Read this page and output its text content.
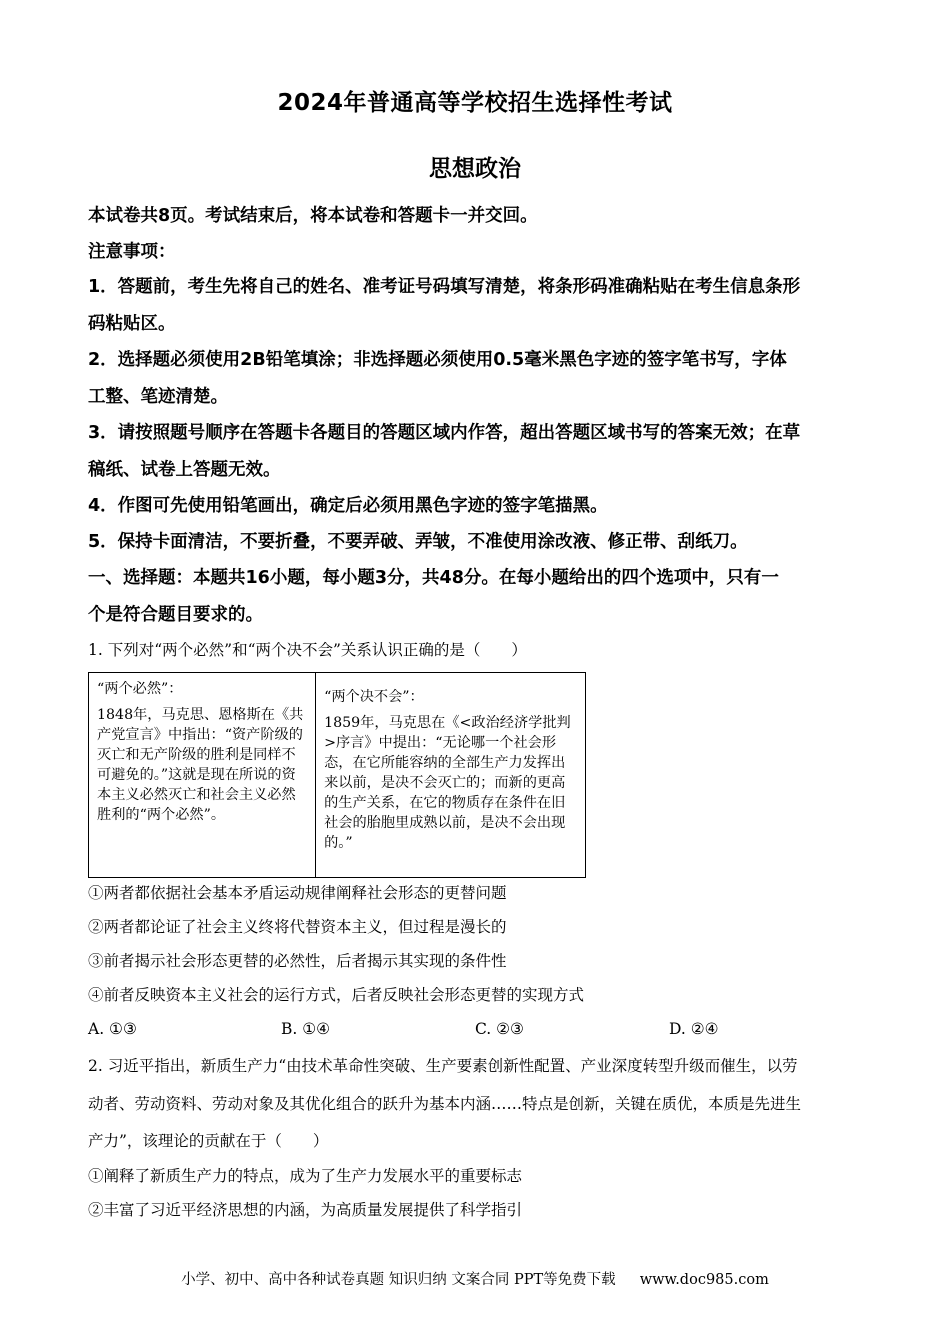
2024年普通高等学校招生选择性考试
思想政治
本试卷共8页。考试结束后，将本试卷和答题卡一并交回。
注意事项：
1．答题前，考生先将自己的姓名、准考证号码填写清楚，将条形码准确粘贴在考生信息条形
码粘贴区。
2．选择题必须使用2B铅笔填涂；非选择题必须使用0.5毫米黑色字迹的签字笔书写，字体
工整、笔迹清楚。
3．请按照题号顺序在答题卡各题目的答题区域内作答，超出答题区域书写的答案无效；在草
稿纸、试卷上答题无效。
4．作图可先使用铅笔画出，确定后必须用黑色字迹的签字笔描黑。
5．保持卡面清洁，不要折叠，不要弄破、弄皱，不准使用涂改液、修正带、刮纸刀。
一、选择题：本题共16小题，每小题3分，共48分。在每小题给出的四个选项中，只有一
个是符合题目要求的。
1. 下列对“两个必然”和“两个决不会”关系认识正确的是（　　）
“两个必然”：
1848年，马克思、恩格斯在《共产党宣言》中指出：“资产阶级的灭亡和无产阶级的胜利是同样不可避免的。”这就是现在所说的资本主义必然灭亡和社会主义必然胜利的“两个必然”。
“两个决不会”：
1859年，马克思在《<政治经济学批判>序言》中提出：“无论哪一个社会形态，在它所能容纳的全部生产力发挥出来以前，是决不会灭亡的；而新的更高的生产关系，在它的物质存在条件在旧社会的胎胞里成熟以前，是决不会出现的。”
①两者都依据社会基本矛盾运动规律阐释社会形态的更替问题
②两者都论证了社会主义终将代替资本主义，但过程是漫长的
③前者揭示社会形态更替的必然性，后者揭示其实现的条件性
④前者反映资本主义社会的运行方式，后者反映社会形态更替的实现方式
A. ①③	B. ①④	C. ②③	D. ②④
2. 习近平指出，新质生产力“由技术革命性突破、生产要素创新性配置、产业深度转型升级而催生，以劳
动者、劳动资料、劳动对象及其优化组合的跃升为基本内涵……特点是创新，关键在质优，本质是先进生
产力”，该理论的贡献在于（　　）
①阐释了新质生产力的特点，成为了生产力发展水平的重要标志
②丰富了习近平经济思想的内涵，为高质量发展提供了科学指引
小学、初中、高中各种试卷真题 知识归纳 文案合同 PPT等免费下载 www.doc985.com
